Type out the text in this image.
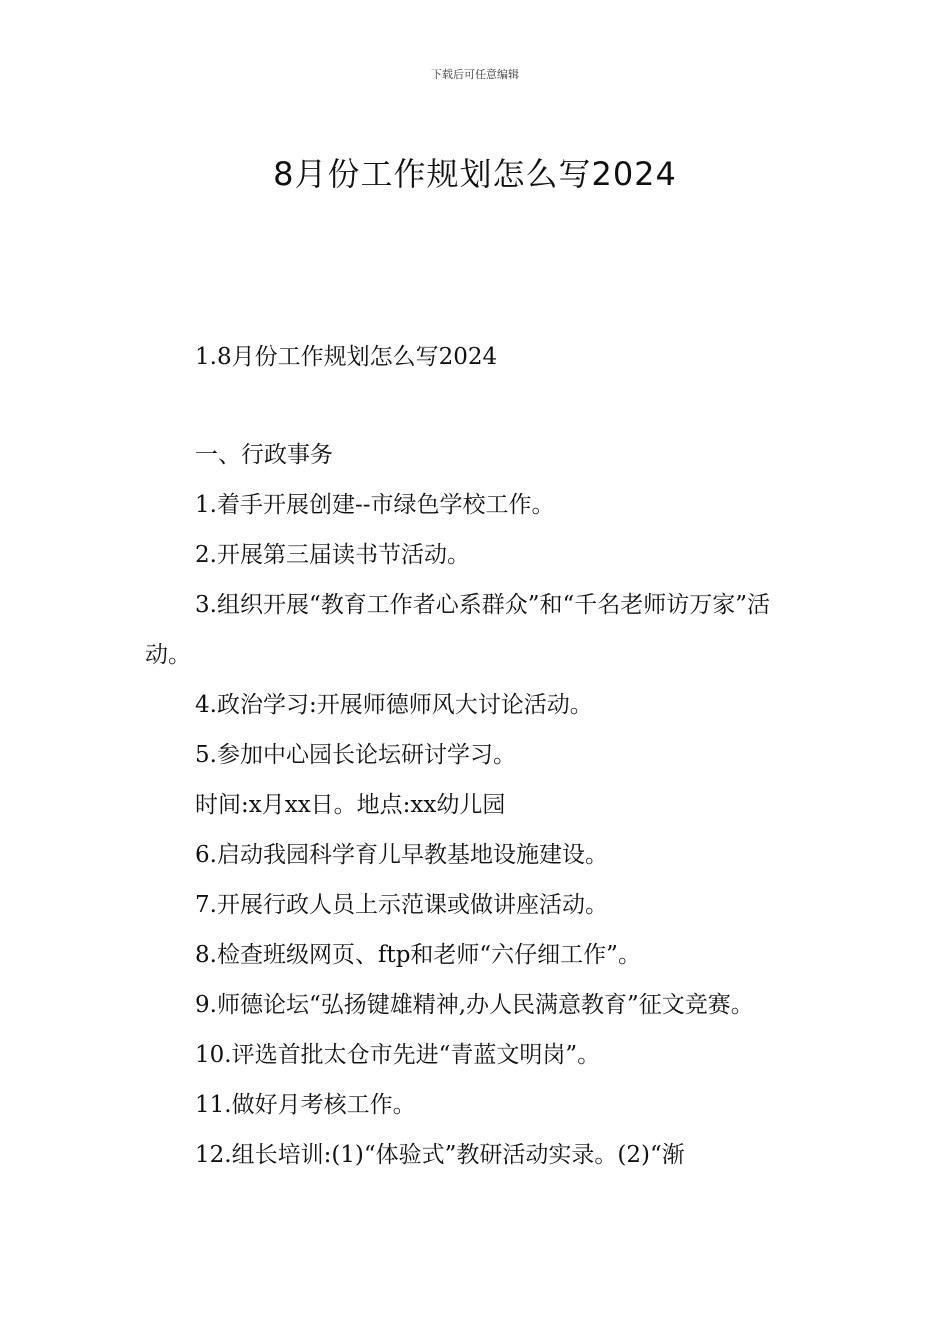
下载后可任意编辑
8月份工作规划怎么写2024

1.8月份工作规划怎么写2024

一、行政事务

1.着手开展创建--市绿色学校工作。

2.开展第三届读书节活动。

3.组织开展“教育工作者心系群众”和“千名老师访万家”活动。

4.政治学习:开展师德师风大讨论活动。

5.参加中心园长论坛研讨学习。

时间:x月xx日。地点:xx幼儿园

6.启动我园科学育儿早教基地设施建设。

7.开展行政人员上示范课或做讲座活动。

8.检查班级网页、ftp和老师“六仔细工作”。

9.师德论坛“弘扬键雄精神,办人民满意教育”征文竞赛。

10.评选首批太仓市先进“青蓝文明岗”。

11.做好月考核工作。

12.组长培训:(1)“体验式”教研活动实录。(2)“渐
